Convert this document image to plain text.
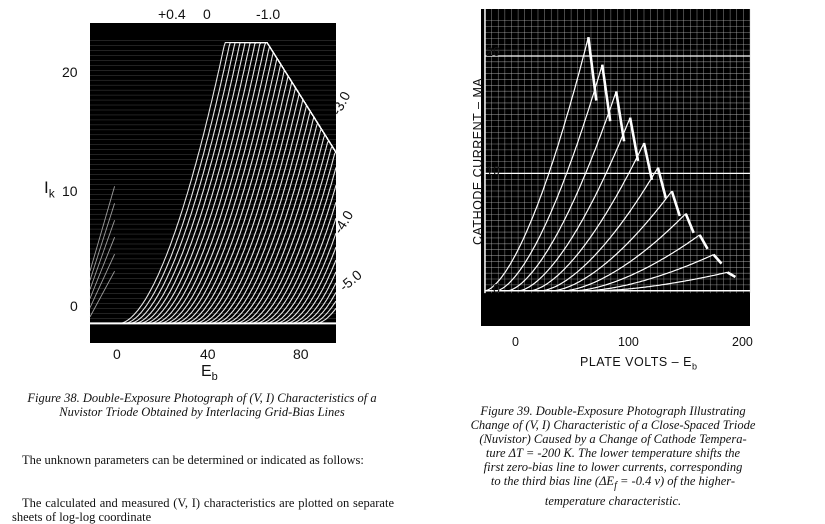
+0.4 0	-1.0
$I_k$
20
10
0
0	40	80
$E_b$
-3.0
-4.0
-5.0
Figure 38. Double-Exposure Photograph of (V, I) Characteristics of a Nuvistor Triode Obtained by Interlacing Grid-Bias Lines
The unknown parameters can be determined or indicated as follows:
The calculated and measured (V, I) characteristics are plotted on separate sheets of log-log coordinate
CATHODE CURRENT – MA
20
10
0
0	100	200
PLATE VOLTS – $E_b$
Figure 39. Double-Exposure Photograph Illustrating
Change of (V, I) Characteristic of a Close-Spaced Triode
(Nuvistor) Caused by a Change of Cathode Tempera-
ture ΔT = -200 K. The lower temperature shifts the
first zero-bias line to lower currents, corresponding
to the third bias line ($\Delta E_f = -0.4$ v) of the higher-
temperature characteristic.
